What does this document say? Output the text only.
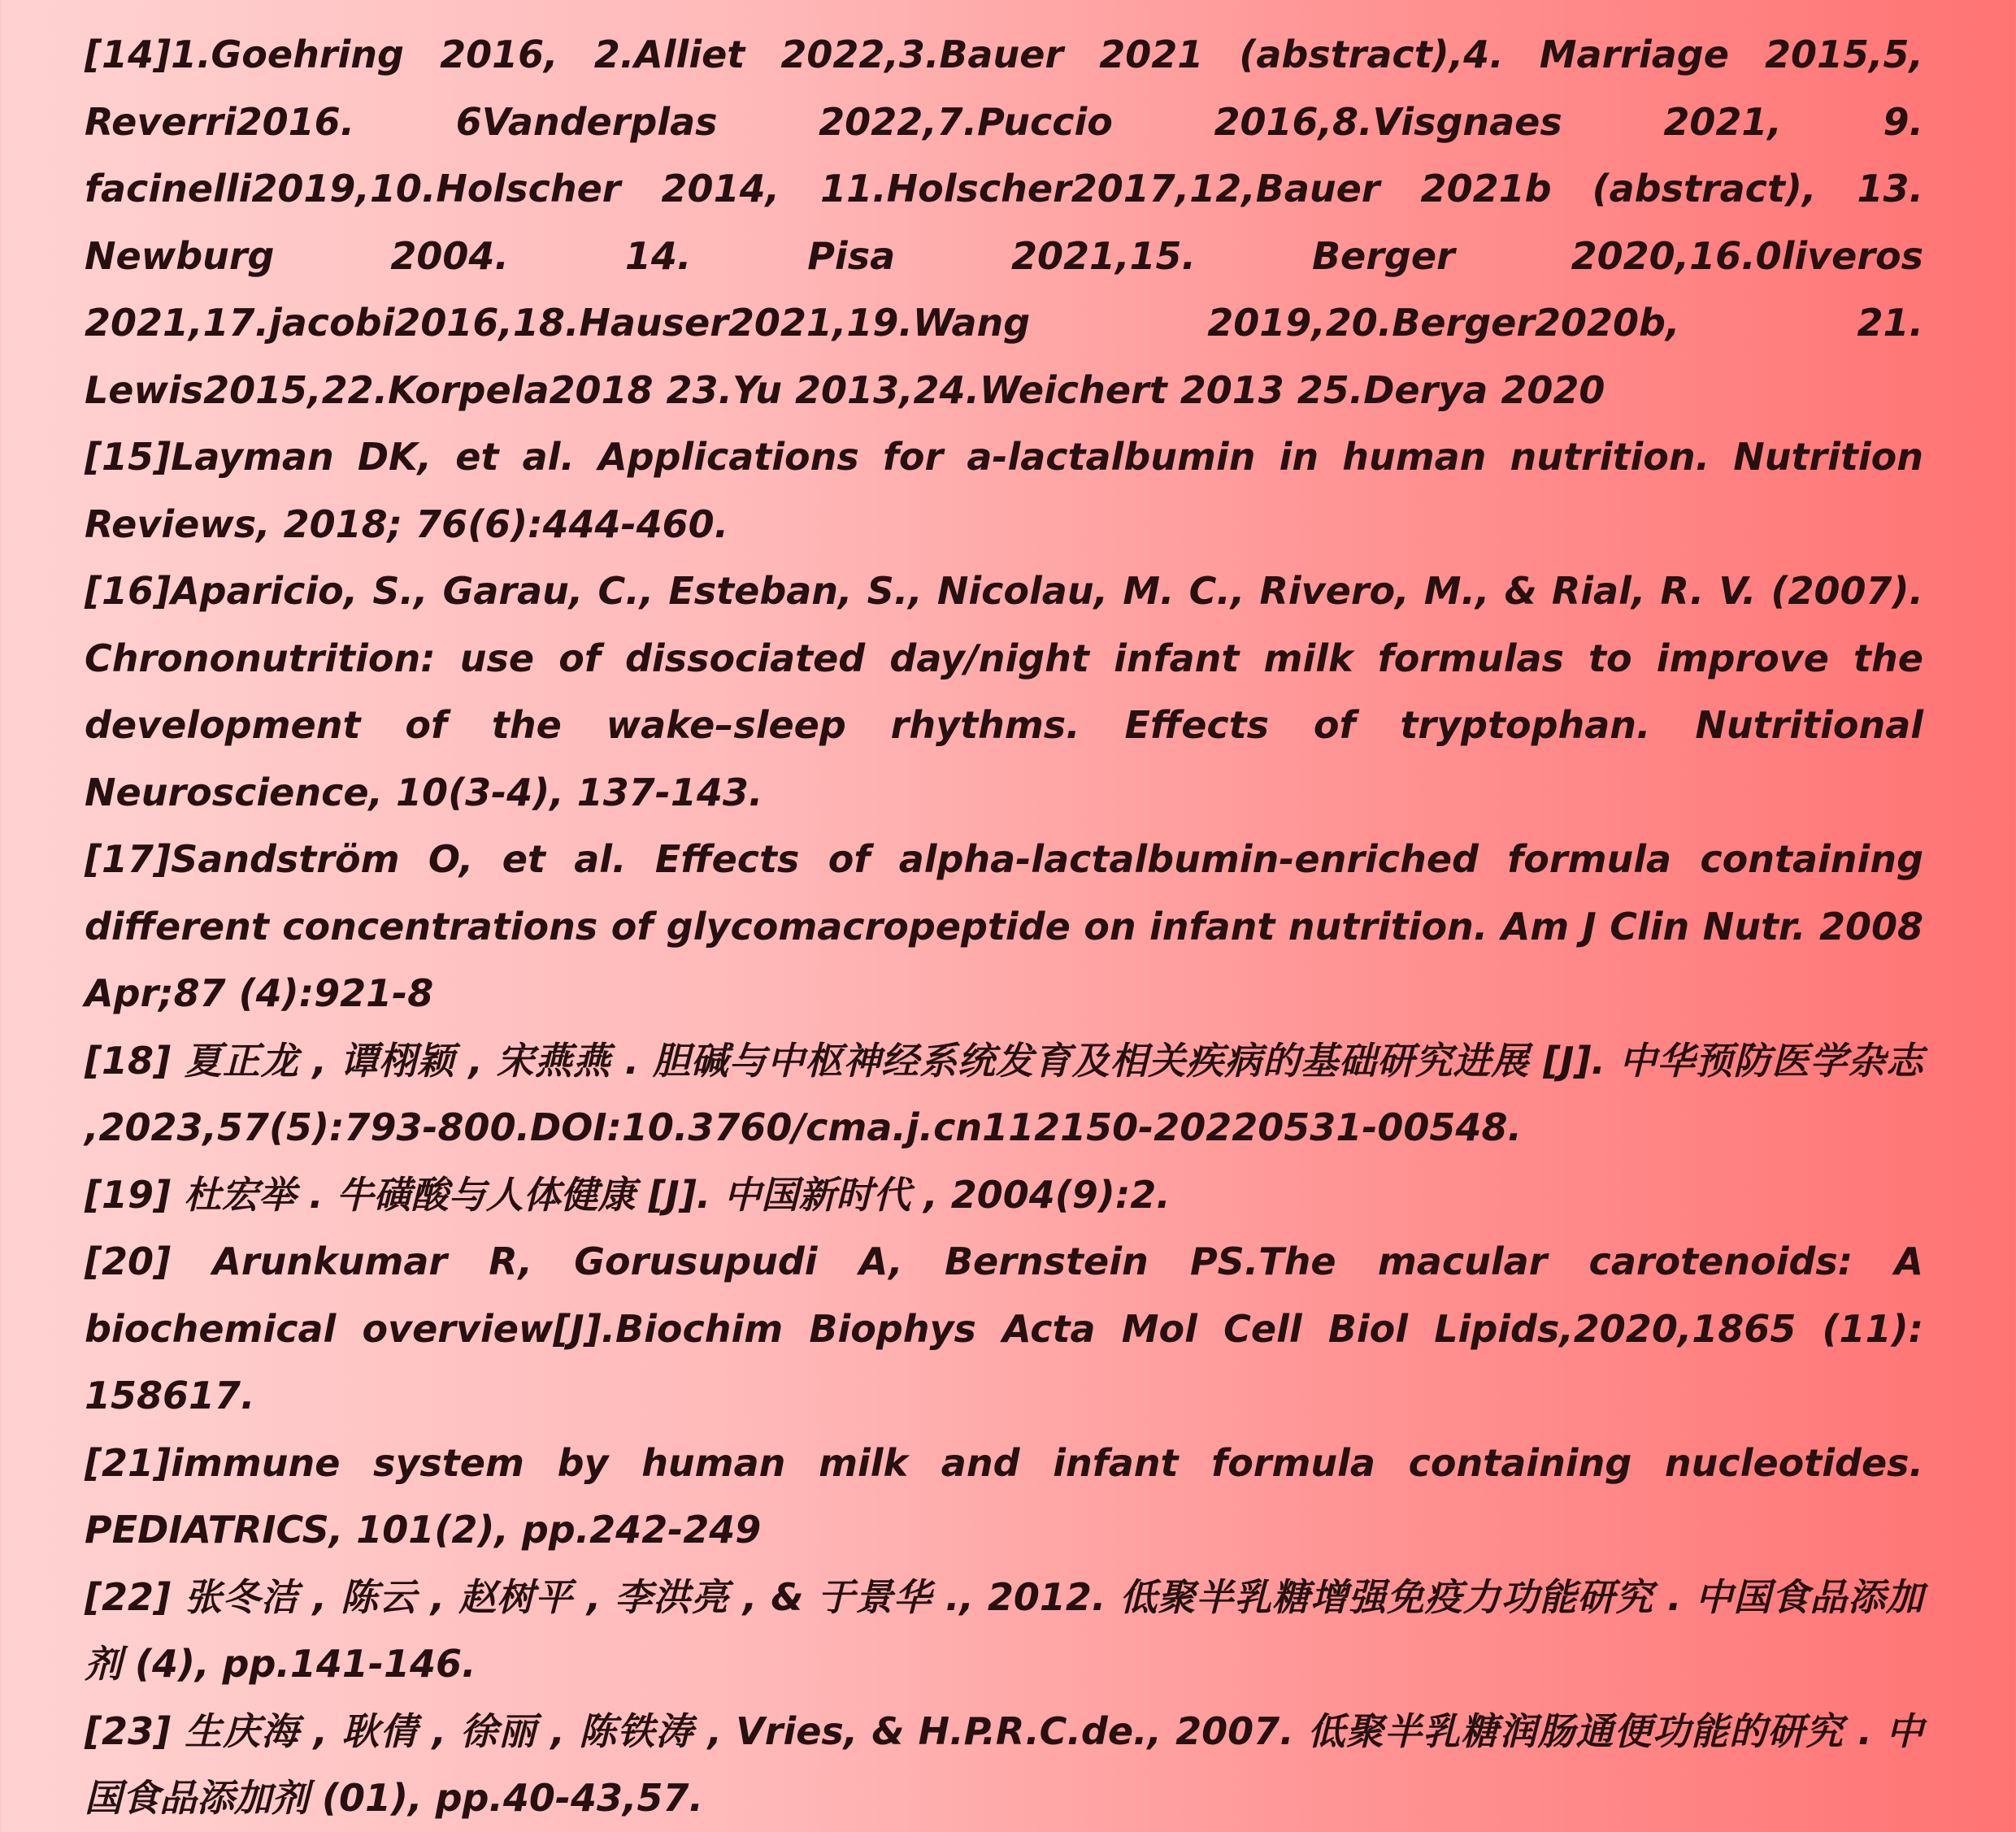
[14]1.Goehring 2016, 2.Alliet 2022,3.Bauer 2021 (abstract),4. Marriage 2015,5, Reverri2016. 6Vanderplas 2022,7.Puccio 2016,8.Visgnaes 2021, 9. facinelli2019,10.Holscher 2014, 11.Holscher2017,12,Bauer 2021b (abstract), 13. Newburg 2004. 14. Pisa 2021,15. Berger 2020,16.0liveros 2021,17.jacobi2016,18.Hauser2021,19.Wang 2019,20.Berger2020b, 21. Lewis2015,22.Korpela2018 23.Yu 2013,24.Weichert 2013 25.Derya 2020
[15]Layman DK, et al. Applications for a-lactalbumin in human nutrition. Nutrition Reviews, 2018; 76(6):444-460.
[16]Aparicio, S., Garau, C., Esteban, S., Nicolau, M. C., Rivero, M., & Rial, R. V. (2007). Chrononutrition: use of dissociated day/night infant milk formulas to improve the development of the wake–sleep rhythms. Effects of tryptophan. Nutritional Neuroscience, 10(3-4), 137-143.
[17]Sandström O, et al. Effects of alpha-lactalbumin-enriched formula containing different concentrations of glycomacropeptide on infant nutrition. Am J Clin Nutr. 2008 Apr;87 (4):921-8
[18] 夏正龙 , 谭栩颖 , 宋燕燕 . 胆碱与中枢神经系统发育及相关疾病的基础研究进展 [J]. 中华预防医学杂志 ,2023,57(5):793-800.DOI:10.3760/cma.j.cn112150-20220531-00548.
[19] 杜宏举 . 牛磺酸与人体健康 [J]. 中国新时代 , 2004(9):2.
[20] Arunkumar R, Gorusupudi A, Bernstein PS.The macular carotenoids: A biochemical overview[J].Biochim Biophys Acta Mol Cell Biol Lipids,2020,1865 (11): 158617.
[21]immune system by human milk and infant formula containing nucleotides. PEDIATRICS, 101(2), pp.242-249
[22] 张冬洁 , 陈云 , 赵树平 , 李洪亮 , & 于景华 ., 2012. 低聚半乳糖增强免疫力功能研究 . 中国食品添加剂 (4), pp.141-146.
[23] 生庆海 , 耿倩 , 徐丽 , 陈铁涛 , Vries, & H.P.R.C.de., 2007. 低聚半乳糖润肠通便功能的研究 . 中国食品添加剂 (01), pp.40-43,57.
